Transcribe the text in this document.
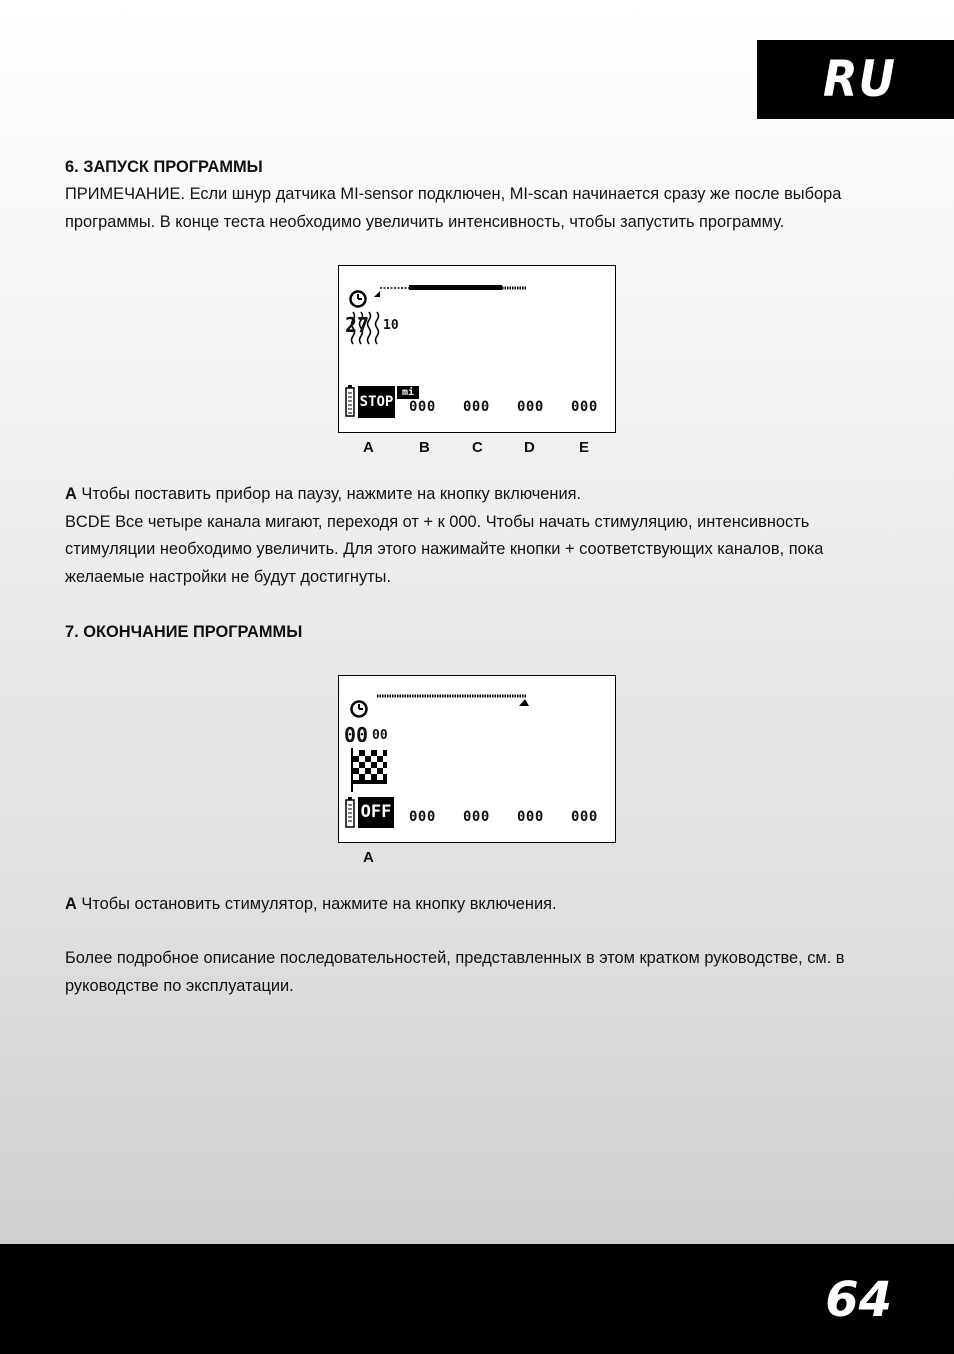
RU
6. ЗАПУСК ПРОГРАММЫ
ПРИМЕЧАНИЕ. Если шнур датчика MI-sensor подключен, MI-scan начинается сразу же после выбора программы. В конце теста необходимо увеличить интенсивность, чтобы запустить программу.
27 10
STOP
mi
000 000 000 000
A	B	C	D	E
A Чтобы поставить прибор на паузу, нажмите на кнопку включения.
BCDE Все четыре канала мигают, переходя от + к 000. Чтобы начать стимуляцию, интенсивность стимуляции необходимо увеличить. Для этого нажимайте кнопки + соответствующих каналов, пока желаемые настройки не будут достигнуты.
7. ОКОНЧАНИЕ ПРОГРАММЫ
00 00
OFF 000 000 000 000
A
A Чтобы остановить стимулятор, нажмите на кнопку включения.
Более подробное описание последовательностей, представленных в этом кратком руководстве, см. в руководстве по эксплуатации.
64
